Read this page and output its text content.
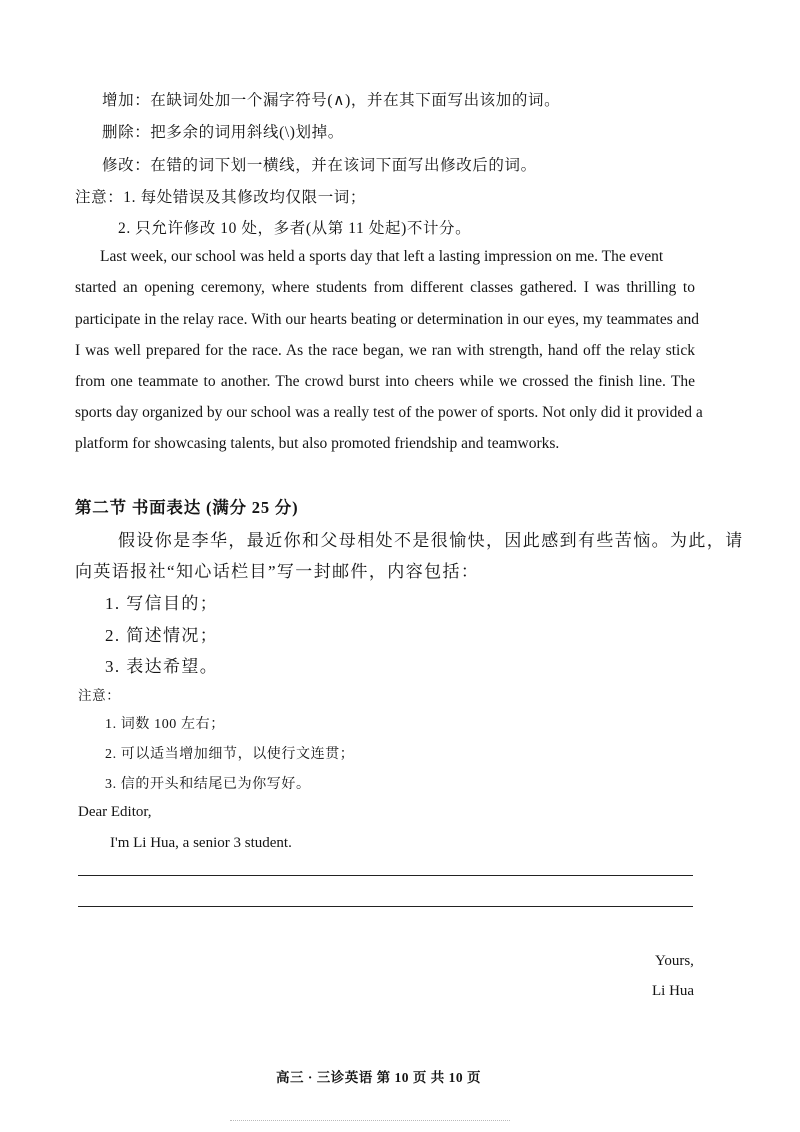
增加：在缺词处加一个漏字符号(∧)，并在其下面写出该加的词。
删除：把多余的词用斜线(\)划掉。
修改：在错的词下划一横线，并在该词下面写出修改后的词。
注意：1. 每处错误及其修改均仅限一词；
2. 只允许修改 10 处，多者(从第 11 处起)不计分。
Last week, our school was held a sports day that left a lasting impression on me. The event
started an opening ceremony, where students from different classes gathered. I was thrilling to
participate in the relay race. With our hearts beating or determination in our eyes, my teammates and
I was well prepared for the race. As the race began, we ran with strength, hand off the relay stick
from one teammate to another. The crowd burst into cheers while we crossed the finish line. The
sports day organized by our school was a really test of the power of sports. Not only did it provided a
platform for showcasing talents, but also promoted friendship and teamworks.
第二节 书面表达 (满分 25 分)
假设你是李华，最近你和父母相处不是很愉快，因此感到有些苦恼。为此，请
向英语报社“知心话栏目”写一封邮件，内容包括：
1. 写信目的；
2. 简述情况；
3. 表达希望。
注意：
1. 词数 100 左右；
2. 可以适当增加细节，以使行文连贯；
3. 信的开头和结尾已为你写好。
Dear Editor,
I'm Li Hua, a senior 3 student.
Yours,
Li Hua
高三 · 三诊英语 第 10 页 共 10 页
